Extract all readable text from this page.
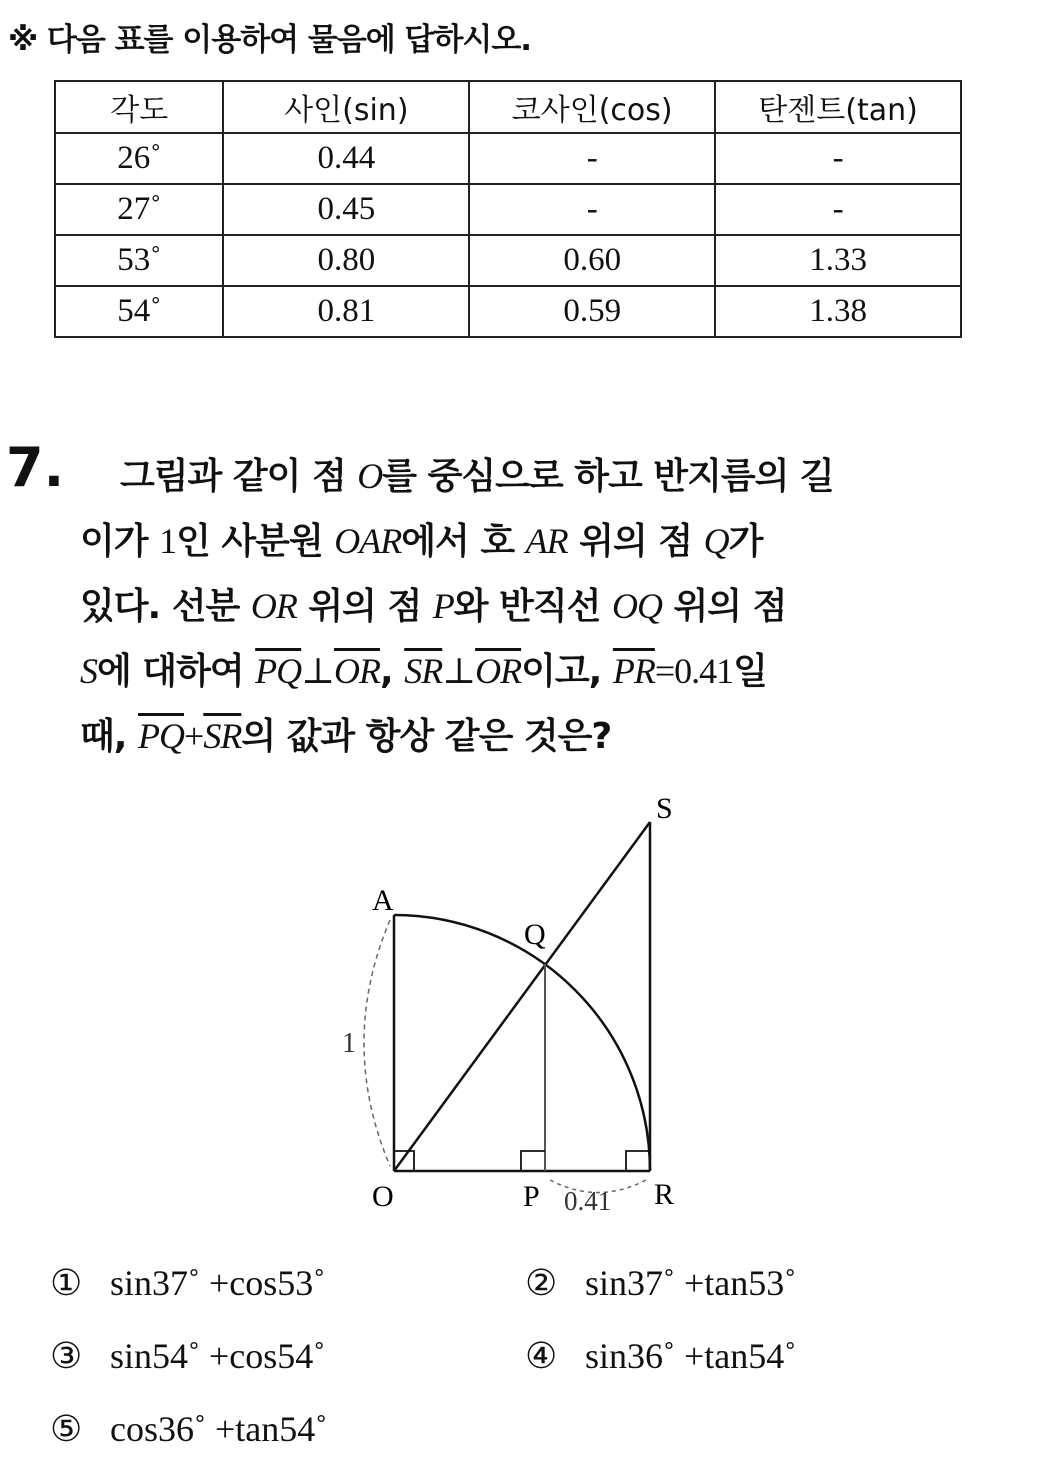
※ 다음 표를 이용하여 물음에 답하시오.
각도	사인(sin)	코사인(cos)	탄젠트(tan)
26˚	0.44	-	-
27˚	0.45	-	-
53˚	0.80	0.60	1.33
54˚	0.81	0.59	1.38
7. 그림과 같이 점 O를 중심으로 하고 반지름의 길
이가 1인 사분원 OAR에서 호 AR 위의 점 Q가
있다. 선분 OR 위의 점 P와 반직선 OQ 위의 점
S에 대하여 $\overline{PQ}\perp\overline{OR}$, $\overline{SR}\perp\overline{OR}$이고, $\overline{PR}=0.41$일
때, $\overline{PQ}+\overline{SR}$의 값과 항상 같은 것은?
A
O	P	R
Q
S
1
0.41
① sin37˚ +cos53˚	② sin37˚ +tan53˚
③ sin54˚ +cos54˚	④ sin36˚ +tan54˚
⑤ cos36˚ +tan54˚
